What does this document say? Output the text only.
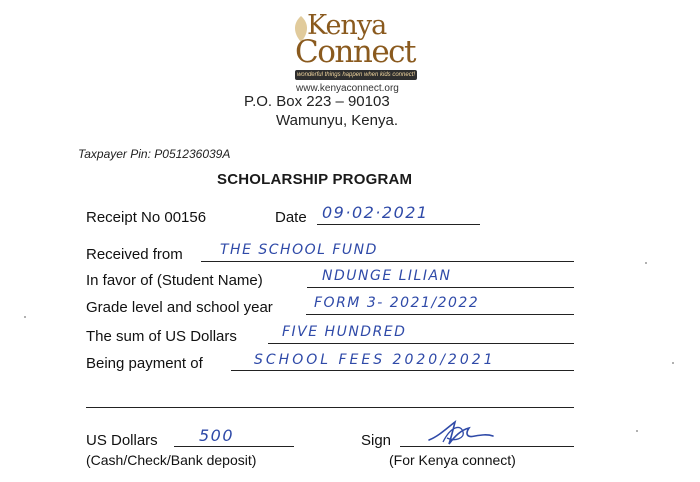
Kenya
Connect
wonderful things happen when kids connect!
www.kenyaconnect.org
P.O. Box 223 – 90103
Wamunyu, Kenya.
Taxpayer Pin: P051236039A
SCHOLARSHIP PROGRAM
Receipt No 00156	Date 09·02·2021
Received from	THE SCHOOL FUND
In favor of (Student Name)	NDUNGE LILIAN
Grade level and school year	FORM 3- 2021/2022
The sum of US Dollars	FIVE HUNDRED
Being payment of	SCHOOL FEES 2020/2021
US Dollars	500
(Cash/Check/Bank deposit)
Sign
(For Kenya connect)
